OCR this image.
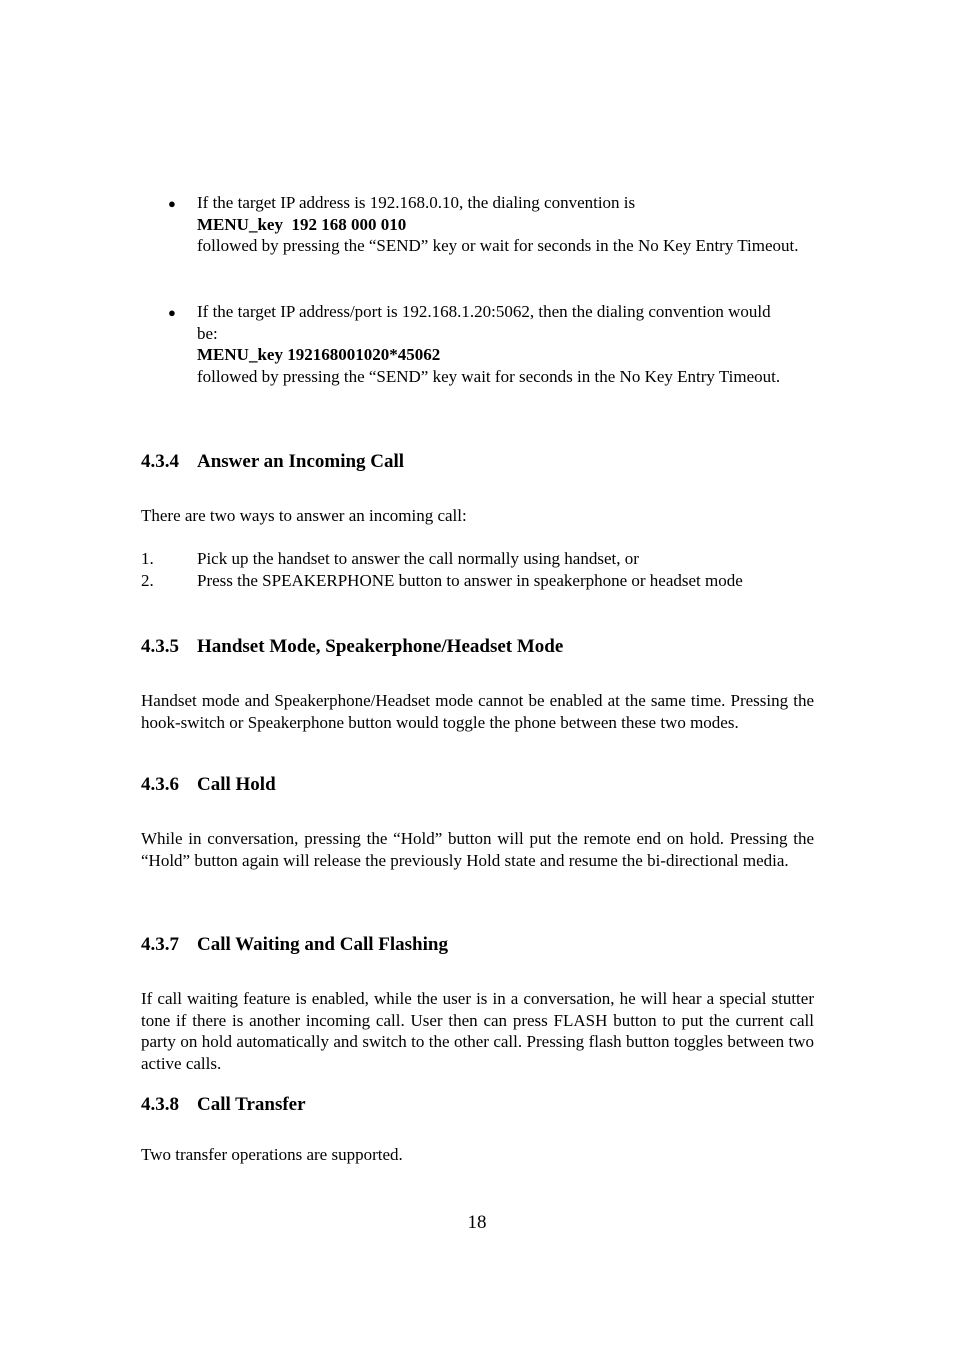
● If the target IP address is 192.168.0.10, the dialing convention is
MENU_key  192 168 000 010
followed by pressing the “SEND” key or wait for seconds in the No Key Entry Timeout.
● If the target IP address/port is 192.168.1.20:5062, then the dialing convention would be:
MENU_key 192168001020*45062
followed by pressing the “SEND” key wait for seconds in the No Key Entry Timeout.
4.3.4 Answer an Incoming Call
There are two ways to answer an incoming call:
1.	Pick up the handset to answer the call normally using handset, or
2.	Press the SPEAKERPHONE button to answer in speakerphone or headset mode
4.3.5 Handset Mode, Speakerphone/Headset Mode
Handset mode and Speakerphone/Headset mode cannot be enabled at the same time. Pressing the hook-switch or Speakerphone button would toggle the phone between these two modes.
4.3.6 Call Hold
While in conversation, pressing the “Hold” button will put the remote end on hold. Pressing the “Hold” button again will release the previously Hold state and resume the bi-directional media.
4.3.7 Call Waiting and Call Flashing
If call waiting feature is enabled, while the user is in a conversation, he will hear a special stutter tone if there is another incoming call. User then can press FLASH button to put the current call party on hold automatically and switch to the other call. Pressing flash button toggles between two active calls.
4.3.8 Call Transfer
Two transfer operations are supported.
18
